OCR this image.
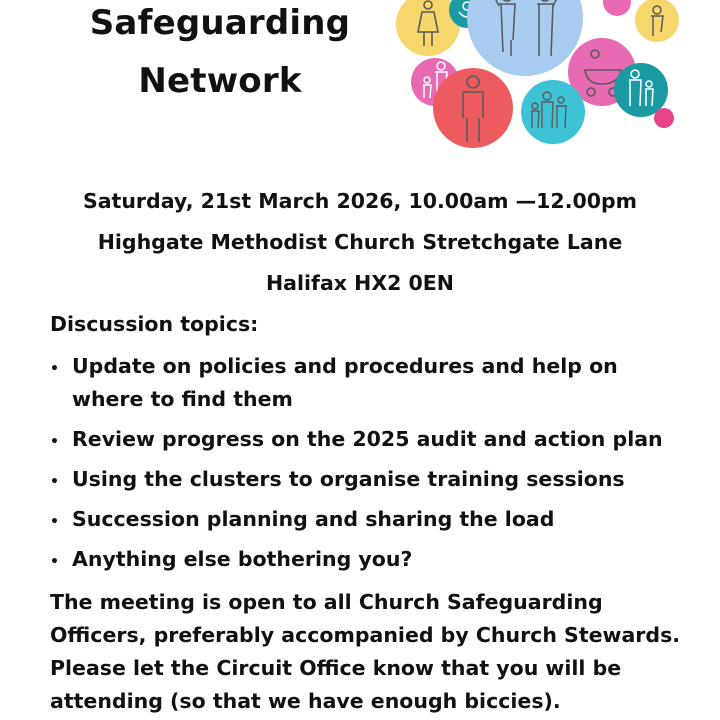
Safeguarding
Network
Saturday, 21st March 2026, 10.00am —12.00pm
Highgate Methodist Church Stretchgate Lane
Halifax HX2 0EN
Discussion topics:
• Update on policies and procedures and help on where to find them
• Review progress on the 2025 audit and action plan
• Using the clusters to organise training sessions
• Succession planning and sharing the load
• Anything else bothering you?
The meeting is open to all Church Safeguarding Officers, preferably accompanied by Church Stewards. Please let the Circuit Office know that you will be attending (so that we have enough biccies).
